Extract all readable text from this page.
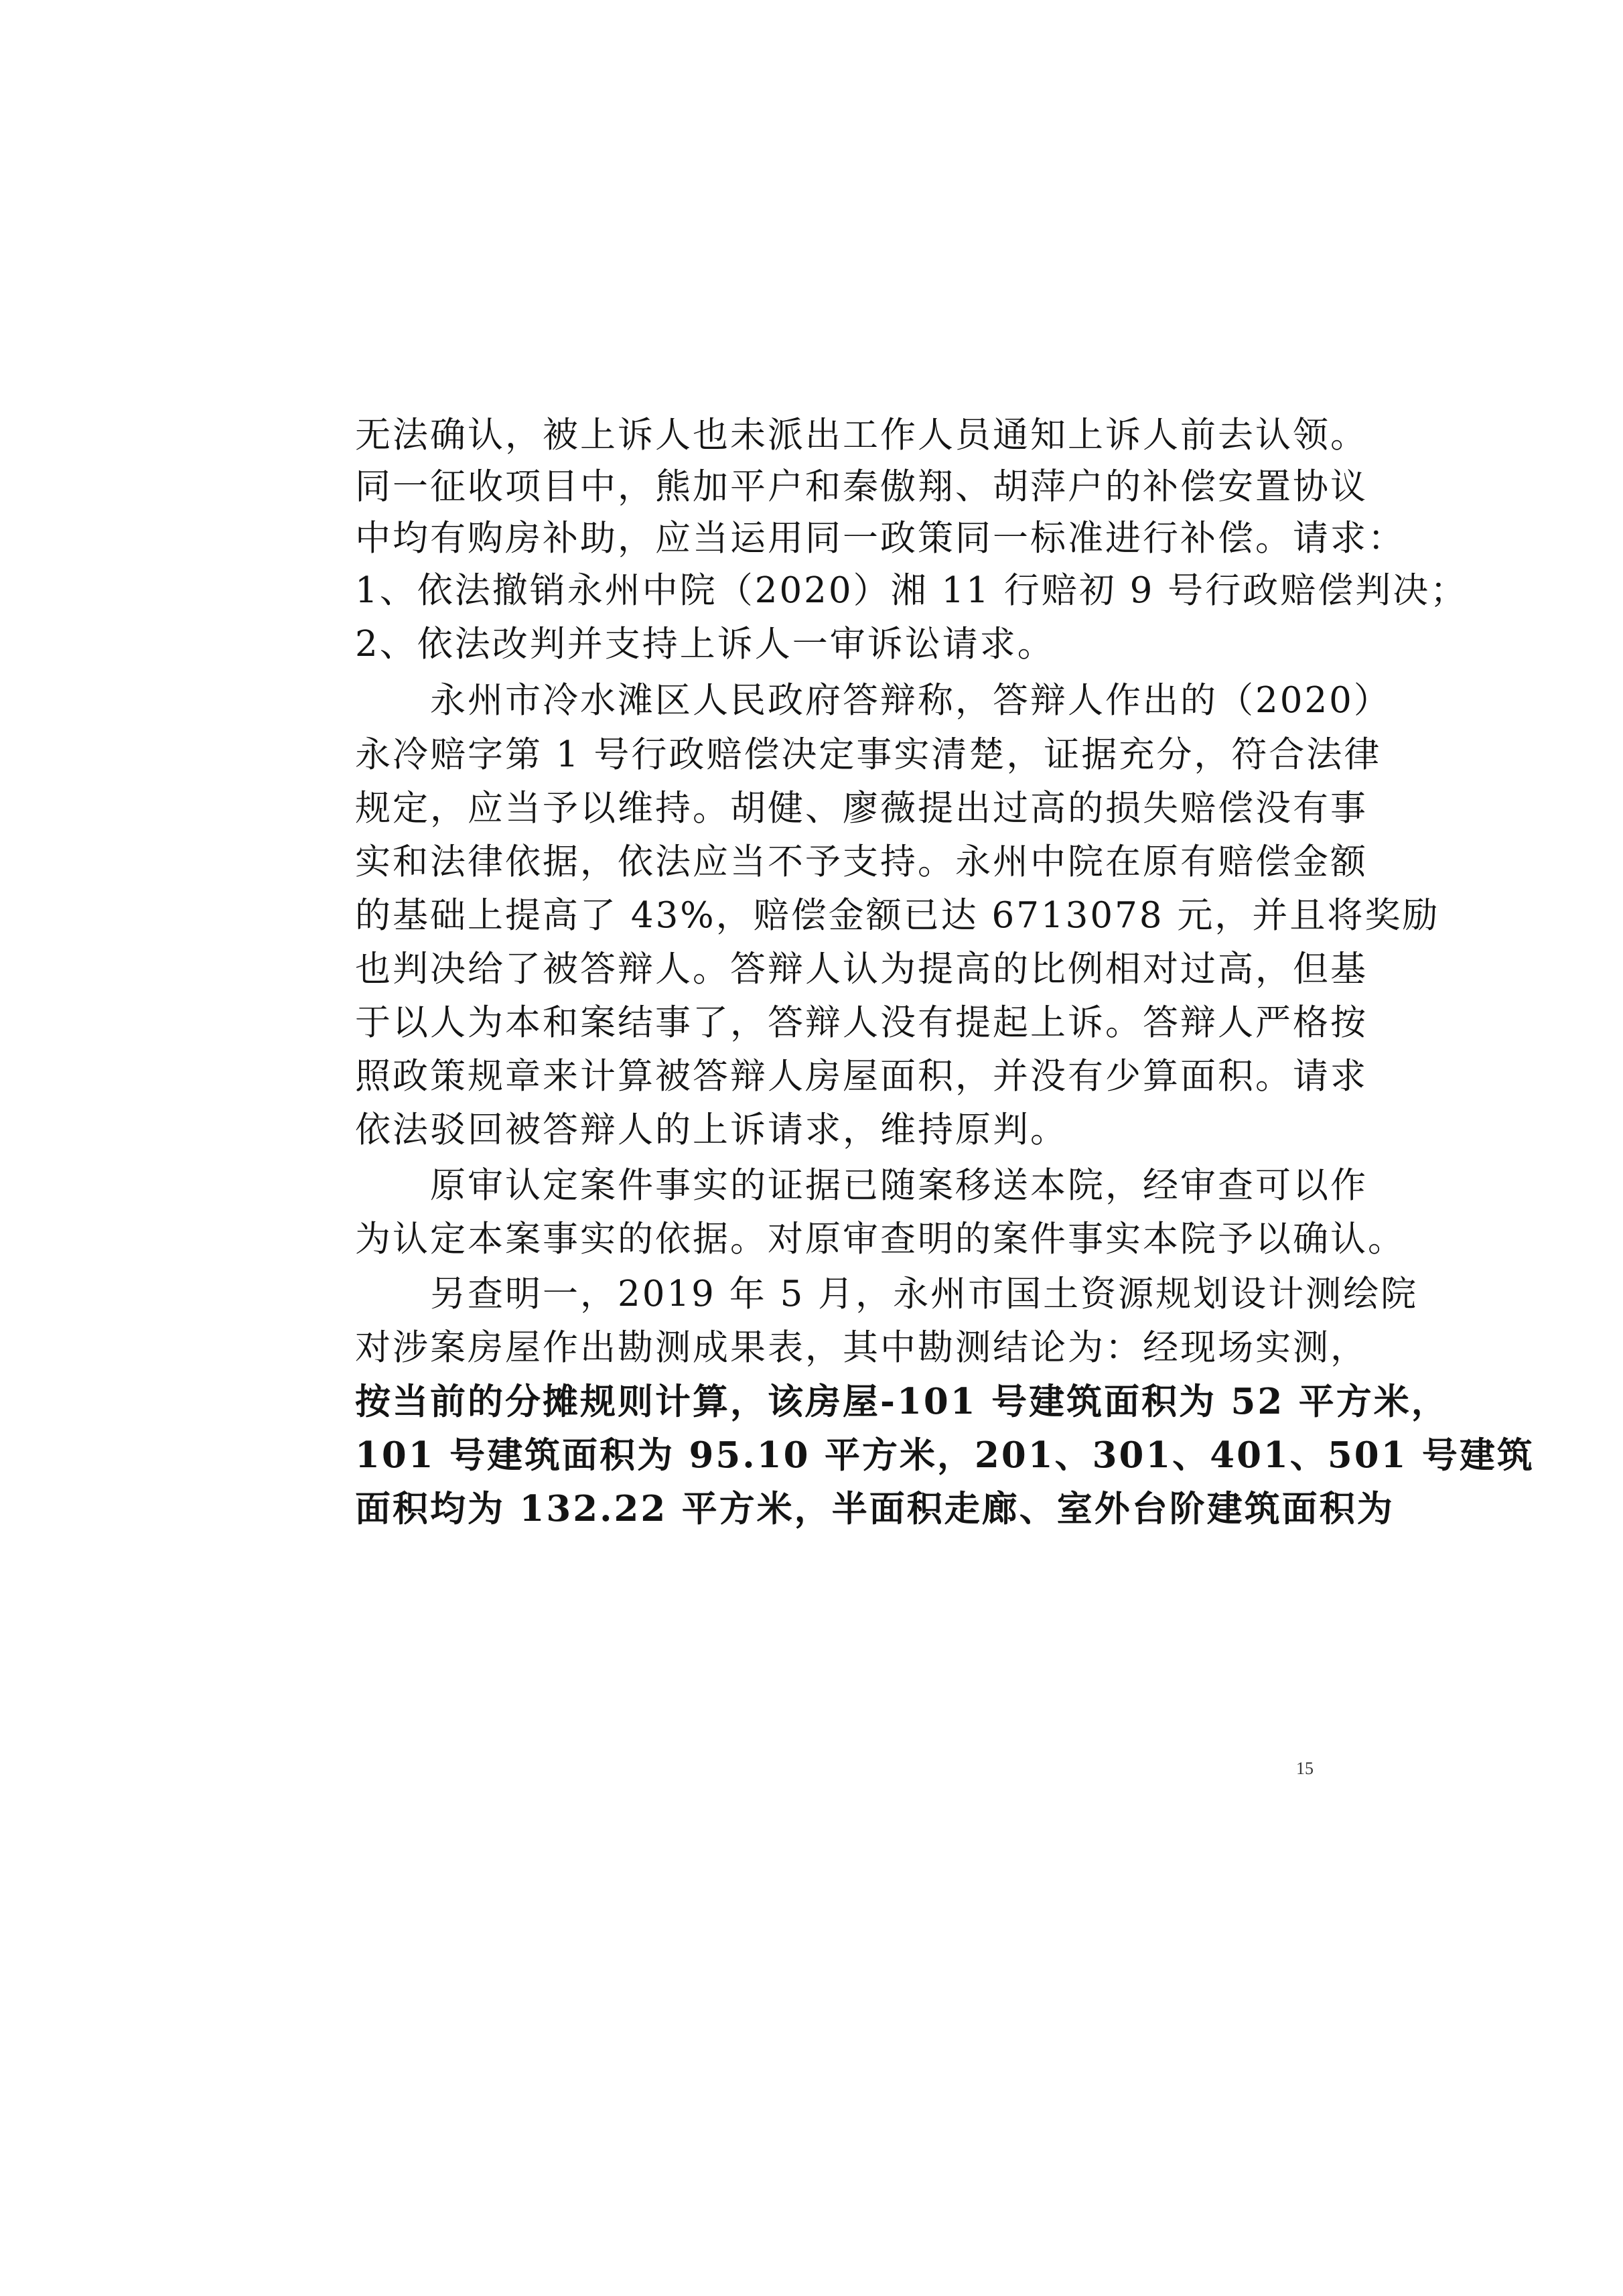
无法确认，被上诉人也未派出工作人员通知上诉人前去认领。
同一征收项目中，熊加平户和秦傲翔、胡萍户的补偿安置协议
中均有购房补助，应当运用同一政策同一标准进行补偿。请求：
1、依法撤销永州中院（2020）湘 11 行赔初 9 号行政赔偿判决；
2、依法改判并支持上诉人一审诉讼请求。
永州市冷水滩区人民政府答辩称，答辩人作出的（2020）
永冷赔字第 1 号行政赔偿决定事实清楚，证据充分，符合法律
规定，应当予以维持。胡健、廖薇提出过高的损失赔偿没有事
实和法律依据，依法应当不予支持。永州中院在原有赔偿金额
的基础上提高了 43%，赔偿金额已达 6713078 元，并且将奖励
也判决给了被答辩人。答辩人认为提高的比例相对过高，但基
于以人为本和案结事了，答辩人没有提起上诉。答辩人严格按
照政策规章来计算被答辩人房屋面积，并没有少算面积。请求
依法驳回被答辩人的上诉请求，维持原判。
原审认定案件事实的证据已随案移送本院，经审查可以作
为认定本案事实的依据。对原审查明的案件事实本院予以确认。
另查明一，2019 年 5 月，永州市国土资源规划设计测绘院
对涉案房屋作出勘测成果表，其中勘测结论为：经现场实测，
按当前的分摊规则计算，该房屋-101 号建筑面积为 52 平方米，
101 号建筑面积为 95.10 平方米，201、301、401、501 号建筑
面积均为 132.22 平方米，半面积走廊、室外台阶建筑面积为
15
